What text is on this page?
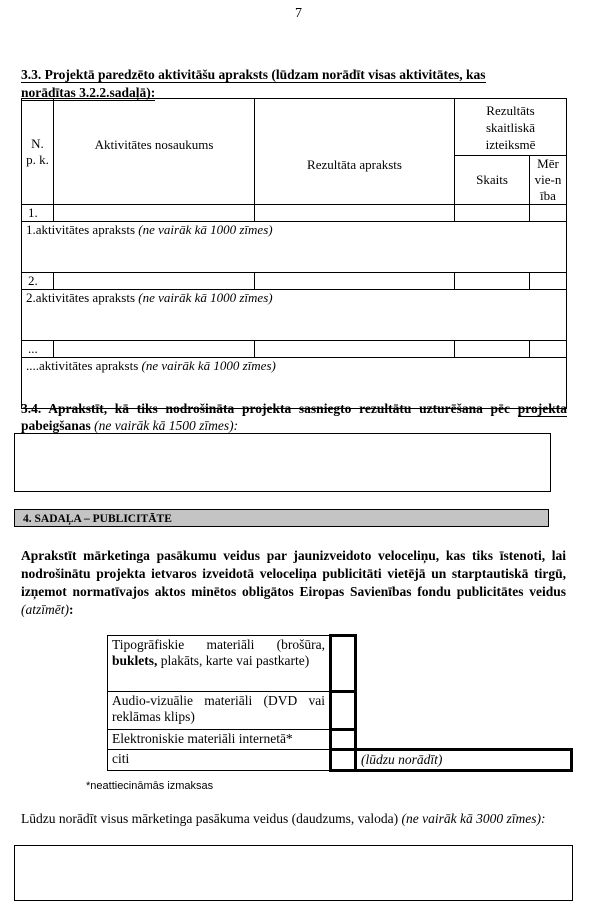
7
3.3. Projektā paredzēto aktivitāšu apraksts (lūdzam norādīt visas aktivitātes, kas
norādītas 3.2.2.sadaļā):
N. p. k.	Aktivitātes nosaukums	Rezultāta apraksts	Rezultāts skaitliskā izteiksmē	
			Skaits	Mērvie-nība
1.				
1.aktivitātes apraksts (ne vairāk kā 1000 zīmes)				
2.				
2.aktivitātes apraksts (ne vairāk kā 1000 zīmes)				
...				
....aktivitātes apraksts (ne vairāk kā 1000 zīmes)				
3.4. Aprakstīt, kā tiks nodrošināta projekta sasniegto rezultātu uzturēšana pēc projekta pabeigšanas (ne vairāk kā 1500 zīmes):
4. SADAĻA – PUBLICITĀTE
Aprakstīt mārketinga pasākumu veidus par jaunizveidoto veloceliņu, kas tiks īstenoti, lai nodrošinātu projekta ietvaros izveidotā veloceliņa publicitāti vietējā un starptautiskā tirgū, izņemot normatīvajos aktos minētos obligātos Eiropas Savienības fondu publicitātes veidus (atzīmēt):
Tipogrāfiskie materiāli (brošūra, buklets, plakāts, karte vai pastkarte)		
Audio-vizuālie materiāli (DVD vai reklāmas klips)		
Elektroniskie materiāli internetā*		
citi		(lūdzu norādīt)
*neattiecināmās izmaksas
Lūdzu norādīt visus mārketinga pasākuma veidus (daudzums, valoda) (ne vairāk kā 3000 zīmes):
